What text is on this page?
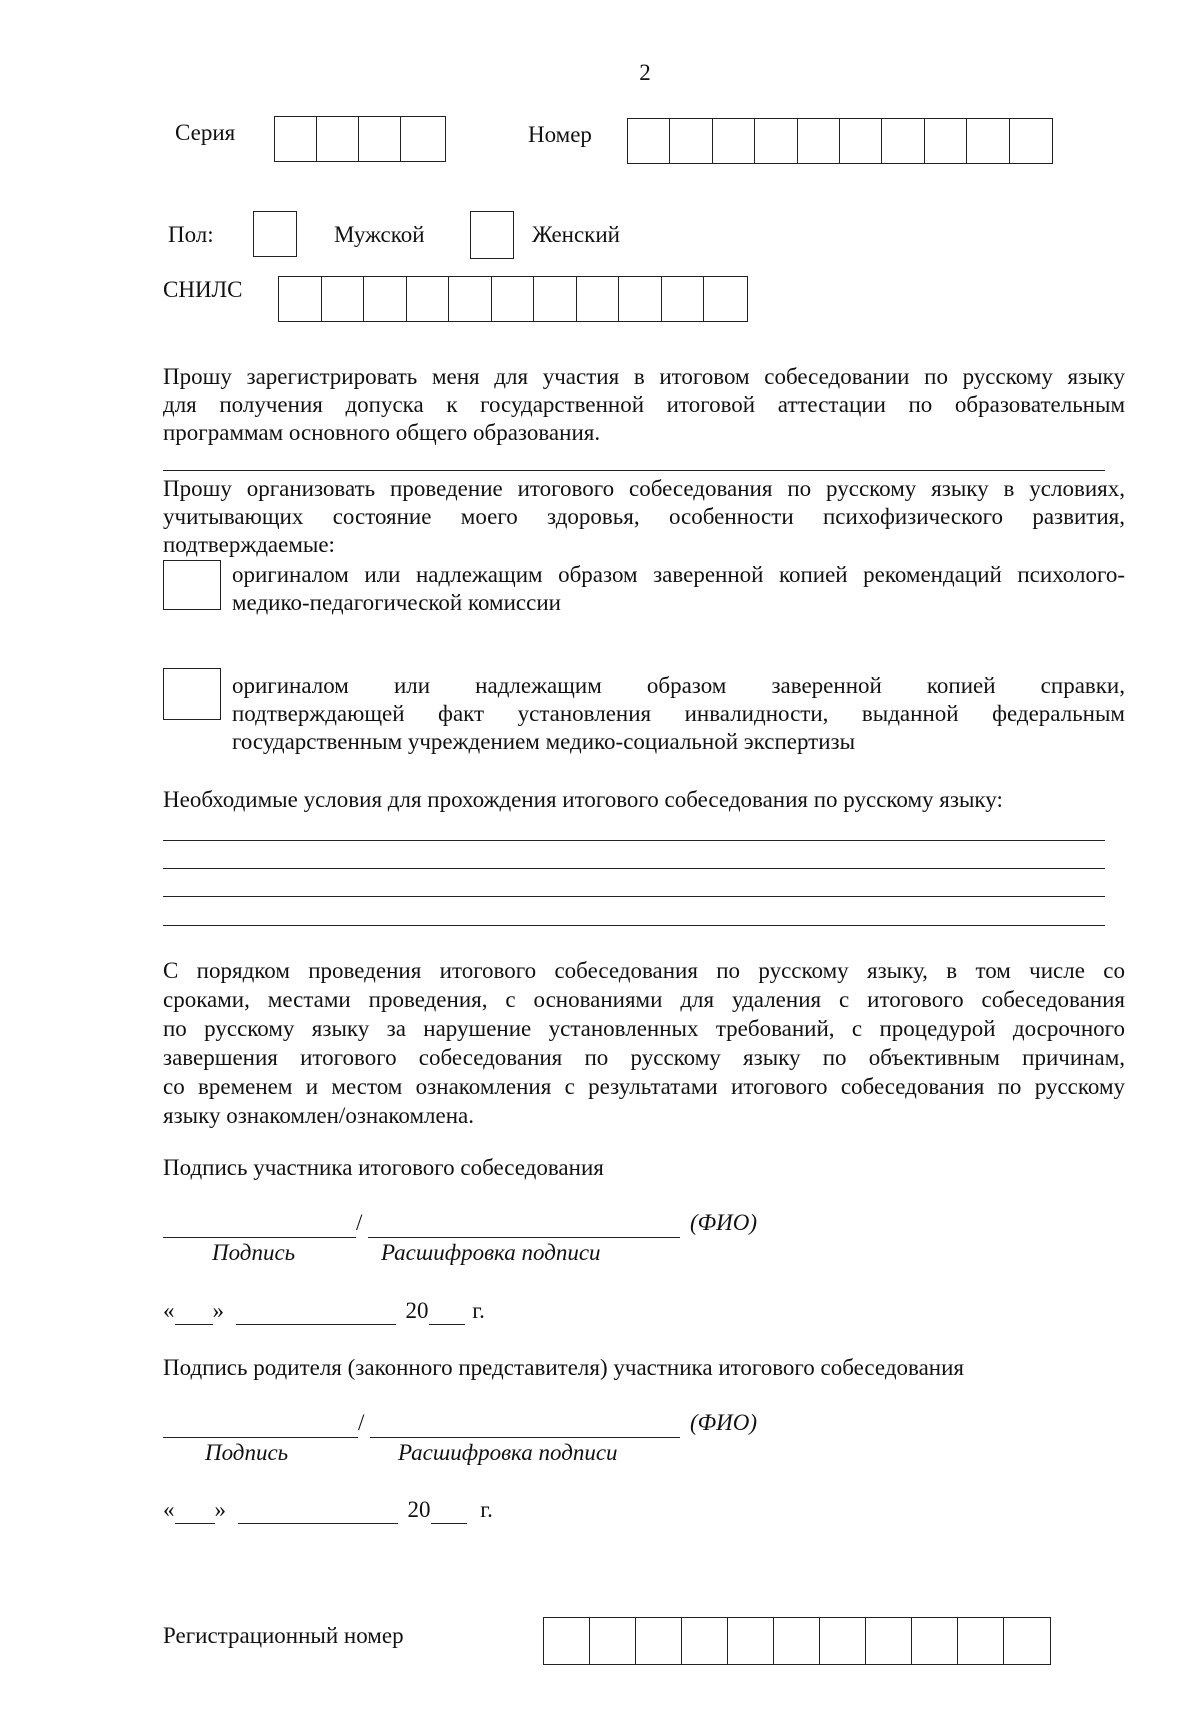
2
Серия	Номер
Пол:	Мужской	Женский
СНИЛС
Прошу зарегистрировать меня для участия в итоговом собеседовании по русскому языку
для получения допуска к государственной итоговой аттестации по образовательным
программам основного общего образования.
Прошу организовать проведение итогового собеседования по русскому языку в условиях,
учитывающих состояние моего здоровья, особенности психофизического развития,
подтверждаемые:
оригиналом или надлежащим образом заверенной копией рекомендаций психолого-
медико-педагогической комиссии
оригиналом или надлежащим образом заверенной копией справки,
подтверждающей факт установления инвалидности, выданной федеральным
государственным учреждением медико-социальной экспертизы
Необходимые условия для прохождения итогового собеседования по русскому языку:
С порядком проведения итогового собеседования по русскому языку, в том числе со
сроками, местами проведения, с основаниями для удаления с итогового собеседования
по русскому языку за нарушение установленных требований, с процедурой досрочного
завершения итогового собеседования по русскому языку по объективным причинам,
со временем и местом ознакомления с результатами итогового собеседования по русскому
языку ознакомлен/ознакомлена.
Подпись участника итогового собеседования
/	(ФИО)
Подпись	Расшифровка подписи
« »	20 г.
Подпись родителя (законного представителя) участника итогового собеседования
/	(ФИО)
Подпись	Расшифровка подписи
« »	20 г.
Регистрационный номер
